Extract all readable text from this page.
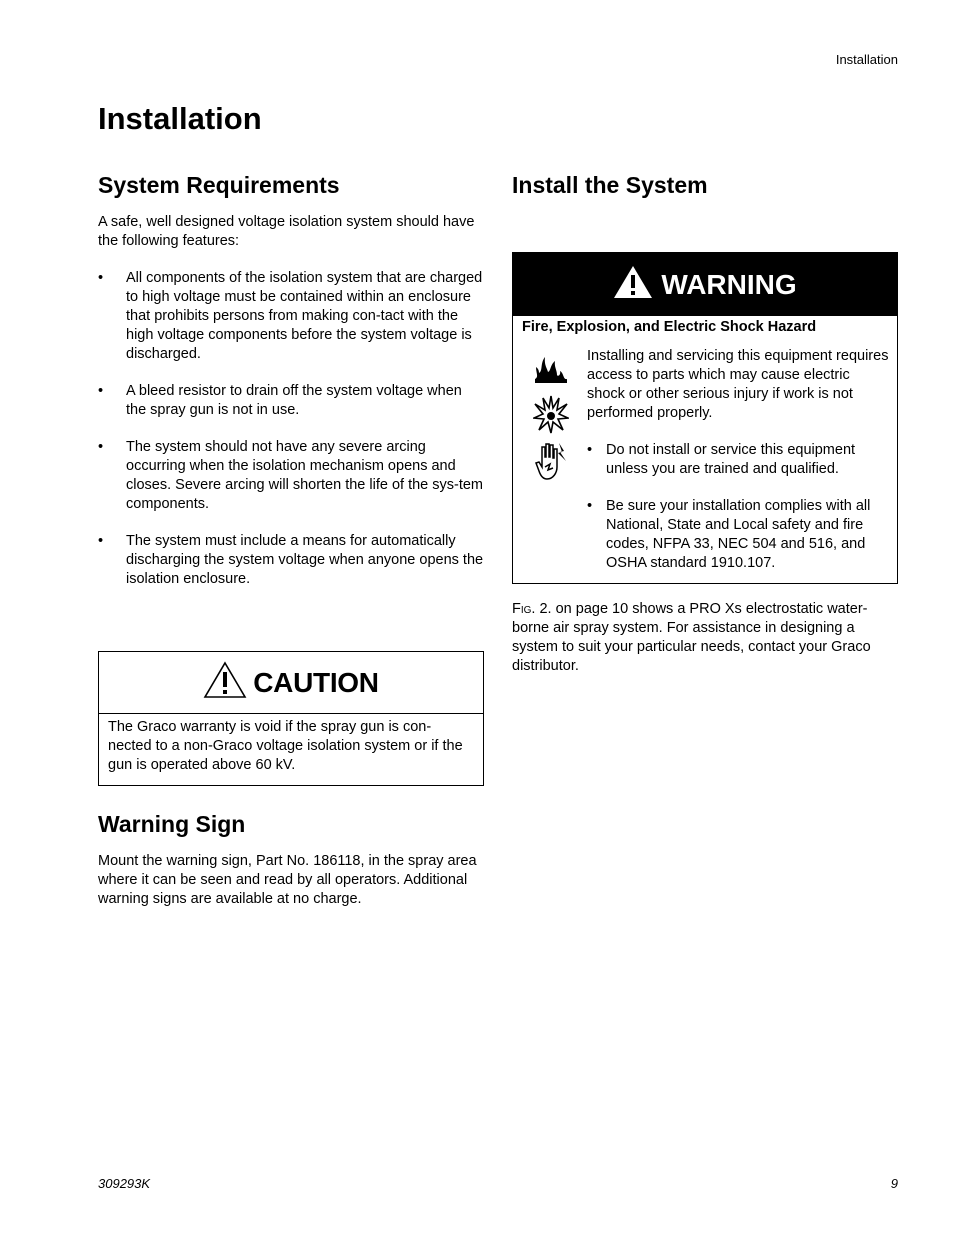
Installation
Installation
System Requirements

A safe, well designed voltage isolation system should have the following features:

• All components of the isolation system that are charged to high voltage must be contained within an enclosure that prohibits persons from making con-tact with the high voltage components before the system voltage is discharged.
• A bleed resistor to drain off the system voltage when the spray gun is not in use.
• The system should not have any severe arcing occurring when the isolation mechanism opens and closes. Severe arcing will shorten the life of the sys-tem components.
• The system must include a means for automatically discharging the system voltage when anyone opens the isolation enclosure.
CAUTION
The Graco warranty is void if the spray gun is con-nected to a non-Graco voltage isolation system or if the gun is operated above 60 kV.
Warning Sign

Mount the warning sign, Part No. 186118, in the spray area where it can be seen and read by all operators. Additional warning signs are available at no charge.

Install the System
WARNING
Fire, Explosion, and Electric Shock Hazard
Installing and servicing this equipment requires access to parts which may cause electric shock or other serious injury if work is not performed properly.
• Do not install or service this equipment unless you are trained and qualified.
• Be sure your installation complies with all National, State and Local safety and fire codes, NFPA 33, NEC 504 and 516, and OSHA standard 1910.107.

Fig. 2. on page 10 shows a PRO Xs electrostatic water-borne air spray system. For assistance in designing a system to suit your particular needs, contact your Graco distributor.

309293K	9
